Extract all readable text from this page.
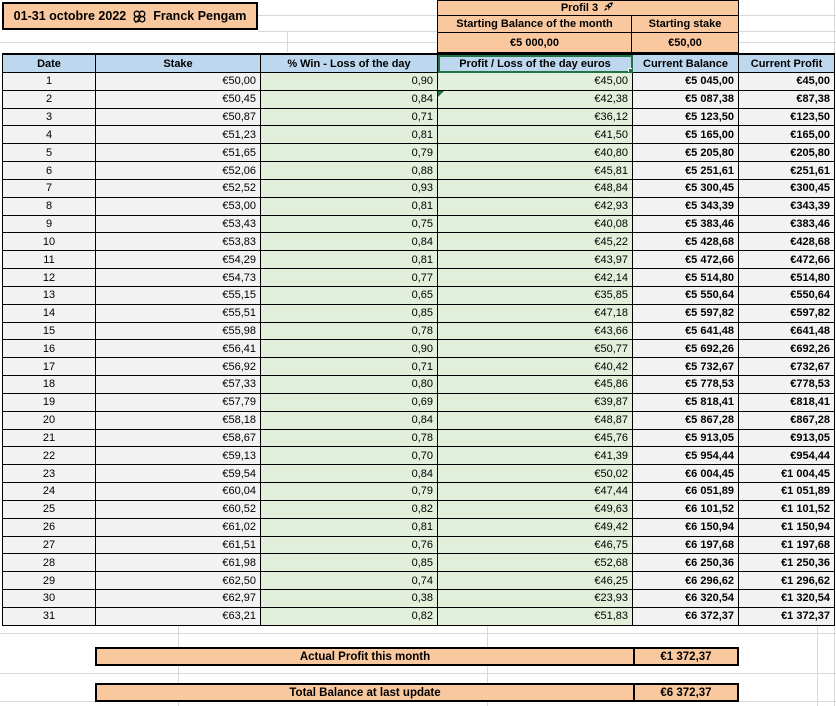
01-31 octobre 2022 Franck Pengam
Profil 3
Starting Balance of the month	Starting stake
€5 000,00	€50,00
Date	Stake	% Win - Loss of the day	Profit / Loss of the day euros	Current Balance	Current Profit
1	€50,00	0,90	€45,00	€5 045,00	€45,00
2	€50,45	0,84	€42,38	€5 087,38	€87,38
3	€50,87	0,71	€36,12	€5 123,50	€123,50
4	€51,23	0,81	€41,50	€5 165,00	€165,00
5	€51,65	0,79	€40,80	€5 205,80	€205,80
6	€52,06	0,88	€45,81	€5 251,61	€251,61
7	€52,52	0,93	€48,84	€5 300,45	€300,45
8	€53,00	0,81	€42,93	€5 343,39	€343,39
9	€53,43	0,75	€40,08	€5 383,46	€383,46
10	€53,83	0,84	€45,22	€5 428,68	€428,68
11	€54,29	0,81	€43,97	€5 472,66	€472,66
12	€54,73	0,77	€42,14	€5 514,80	€514,80
13	€55,15	0,65	€35,85	€5 550,64	€550,64
14	€55,51	0,85	€47,18	€5 597,82	€597,82
15	€55,98	0,78	€43,66	€5 641,48	€641,48
16	€56,41	0,90	€50,77	€5 692,26	€692,26
17	€56,92	0,71	€40,42	€5 732,67	€732,67
18	€57,33	0,80	€45,86	€5 778,53	€778,53
19	€57,79	0,69	€39,87	€5 818,41	€818,41
20	€58,18	0,84	€48,87	€5 867,28	€867,28
21	€58,67	0,78	€45,76	€5 913,05	€913,05
22	€59,13	0,70	€41,39	€5 954,44	€954,44
23	€59,54	0,84	€50,02	€6 004,45	€1 004,45
24	€60,04	0,79	€47,44	€6 051,89	€1 051,89
25	€60,52	0,82	€49,63	€6 101,52	€1 101,52
26	€61,02	0,81	€49,42	€6 150,94	€1 150,94
27	€61,51	0,76	€46,75	€6 197,68	€1 197,68
28	€61,98	0,85	€52,68	€6 250,36	€1 250,36
29	€62,50	0,74	€46,25	€6 296,62	€1 296,62
30	€62,97	0,38	€23,93	€6 320,54	€1 320,54
31	€63,21	0,82	€51,83	€6 372,37	€1 372,37
Actual Profit this month	€1 372,37
Total Balance at last update	€6 372,37
